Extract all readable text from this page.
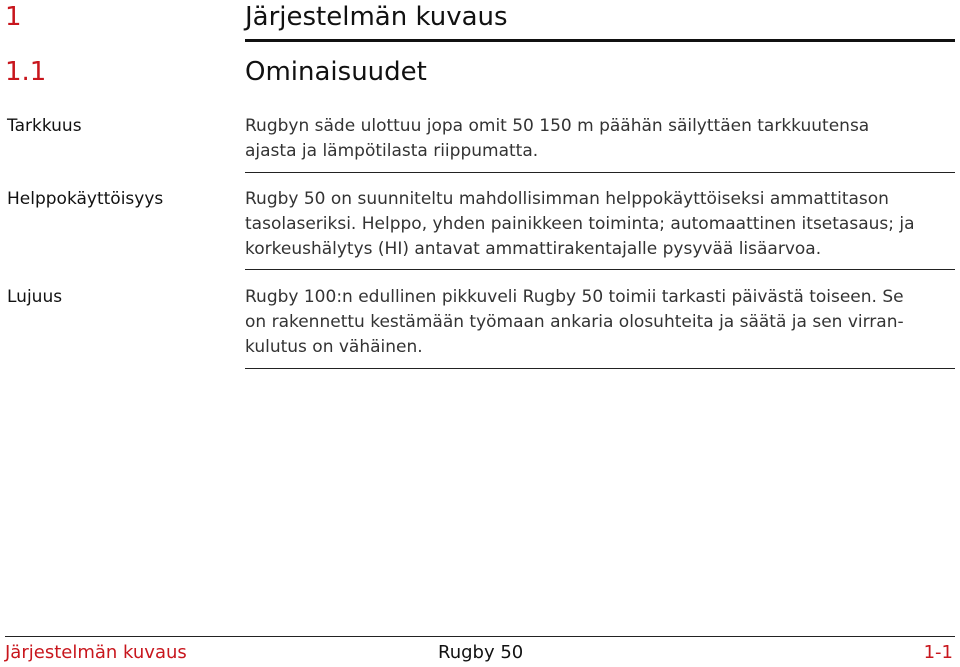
1	Järjestelmän kuvaus
1.1	Ominaisuudet
Tarkkuus	Rugbyn säde ulottuu jopa omit 50 150 m päähän säilyttäen tarkkuutensa
ajasta ja lämpötilasta riippumatta.

Helppokäyttöisyys	Rugby 50 on suunniteltu mahdollisimman helppokäyttöiseksi ammattitason
tasolaseriksi. Helppo, yhden painikkeen toiminta; automaattinen itsetasaus; ja
korkeushälytys (HI) antavat ammattirakentajalle pysyvää lisäarvoa.

Lujuus	Rugby 100:n edullinen pikkuveli Rugby 50 toimii tarkasti päivästä toiseen. Se
on rakennettu kestämään työmaan ankaria olosuhteita ja säätä ja sen virran-
kulutus on vähäinen.

Järjestelmän kuvaus	Rugby 50	1-1
